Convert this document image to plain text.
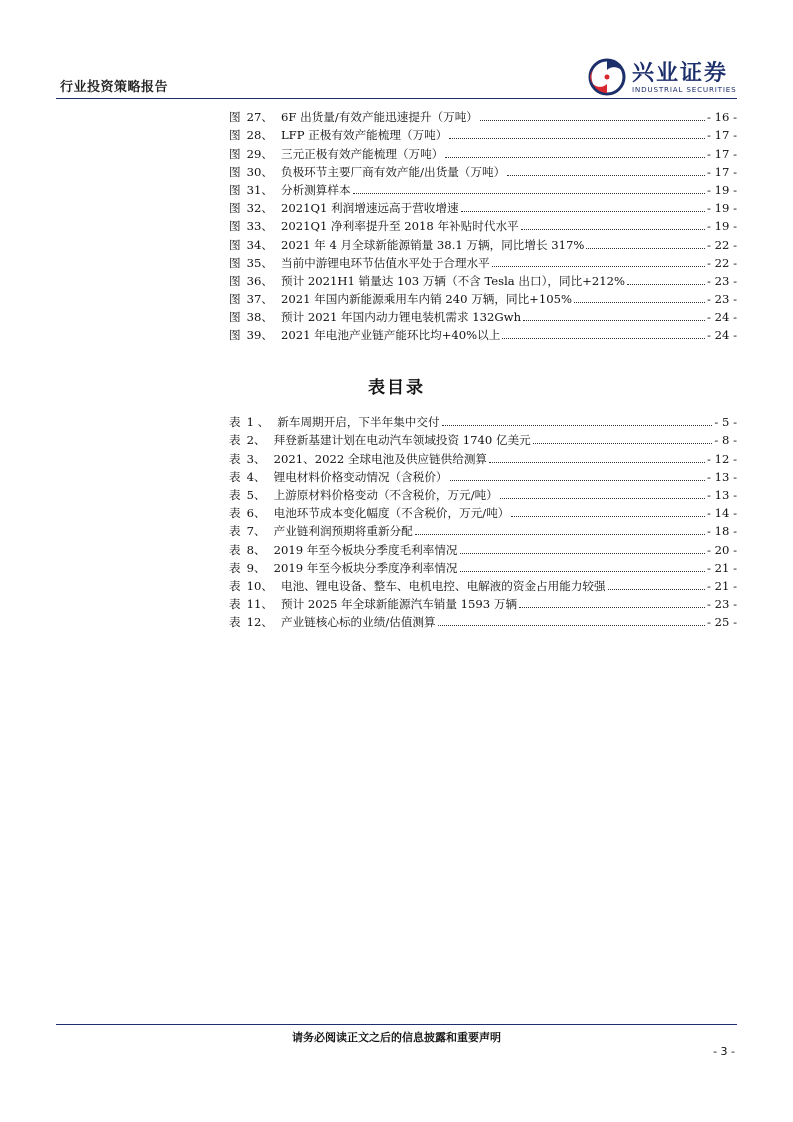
行业投资策略报告
兴业证券
INDUSTRIAL SECURITIES
图 27、 6F 出货量/有效产能迅速提升（万吨）	- 16 -
图 28、 LFP 正极有效产能梳理（万吨）	- 17 -
图 29、 三元正极有效产能梳理（万吨）	- 17 -
图 30、 负极环节主要厂商有效产能/出货量（万吨）	- 17 -
图 31、 分析测算样本	- 19 -
图 32、 2021Q1 利润增速远高于营收增速	- 19 -
图 33、 2021Q1 净利率提升至 2018 年补贴时代水平	- 19 -
图 34、 2021 年 4 月全球新能源销量 38.1 万辆，同比增长 317%	- 22 -
图 35、 当前中游锂电环节估值水平处于合理水平	- 22 -
图 36、 预计 2021H1 销量达 103 万辆（不含 Tesla 出口），同比+212%	- 23 -
图 37、 2021 年国内新能源乘用车内销 240 万辆，同比+105%	- 23 -
图 38、 预计 2021 年国内动力锂电装机需求 132Gwh	- 24 -
图 39、 2021 年电池产业链产能环比均+40%以上	- 24 -
表目录
表 1 、 新车周期开启，下半年集中交付	- 5 -
表 2、 拜登新基建计划在电动汽车领域投资 1740 亿美元	- 8 -
表 3、 2021、2022 全球电池及供应链供给测算	- 12 -
表 4、 锂电材料价格变动情况（含税价）	- 13 -
表 5、 上游原材料价格变动（不含税价，万元/吨）	- 13 -
表 6、 电池环节成本变化幅度（不含税价，万元/吨）	- 14 -
表 7、 产业链利润预期将重新分配	- 18 -
表 8、 2019 年至今板块分季度毛利率情况	- 20 -
表 9、 2019 年至今板块分季度净利率情况	- 21 -
表 10、 电池、锂电设备、整车、电机电控、电解液的资金占用能力较强	- 21 -
表 11、 预计 2025 年全球新能源汽车销量 1593 万辆	- 23 -
表 12、 产业链核心标的业绩/估值测算	- 25 -
请务必阅读正文之后的信息披露和重要声明
- 3 -
